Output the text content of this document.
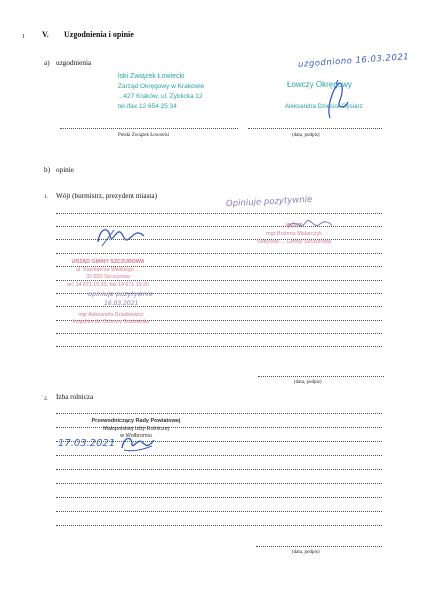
1 V. Uzgodnienia i opinie
a) uzgodnienia
lski Związek Łowiecki
Zarząd Okręgowy w Krakowie
...427 Kraków, ul. Zyblicka 12
tel./fax 12 654 25 34
uzgodniono 16.03.2021
Łowczy Okręgowy
Aleksandra Dziecioł-Gęsiarz
Polski Związek Łowiecki	(data, podpis)
b) opinie
1. Wójt (burmistrz, prezydent miasta)	Opiniuje pozytywnie
WÓJT
mgr Bożena Malarczyk
Sołtysów ... Gminy Szczurowa
· · · · · · · ·
URZĄD GMINY SZCZUROWA
ul. Kazimierza Wielkiego ...
32-820 Szczurowa
tel. 14 671 15 33, fax 14 671 15 26
opiniuje pozytywnie
16.03.2021
mgr Aleksandra Dziadkiewicz
Inspektor ds. Ochrony Środowiska
(data, podpis)
2. Izba rolnicza
Przewodniczący Rady Powiatowej
Małopolskiej Izby Rolniczej
w Wolbromiu
17.03.2021
(data, podpis)
